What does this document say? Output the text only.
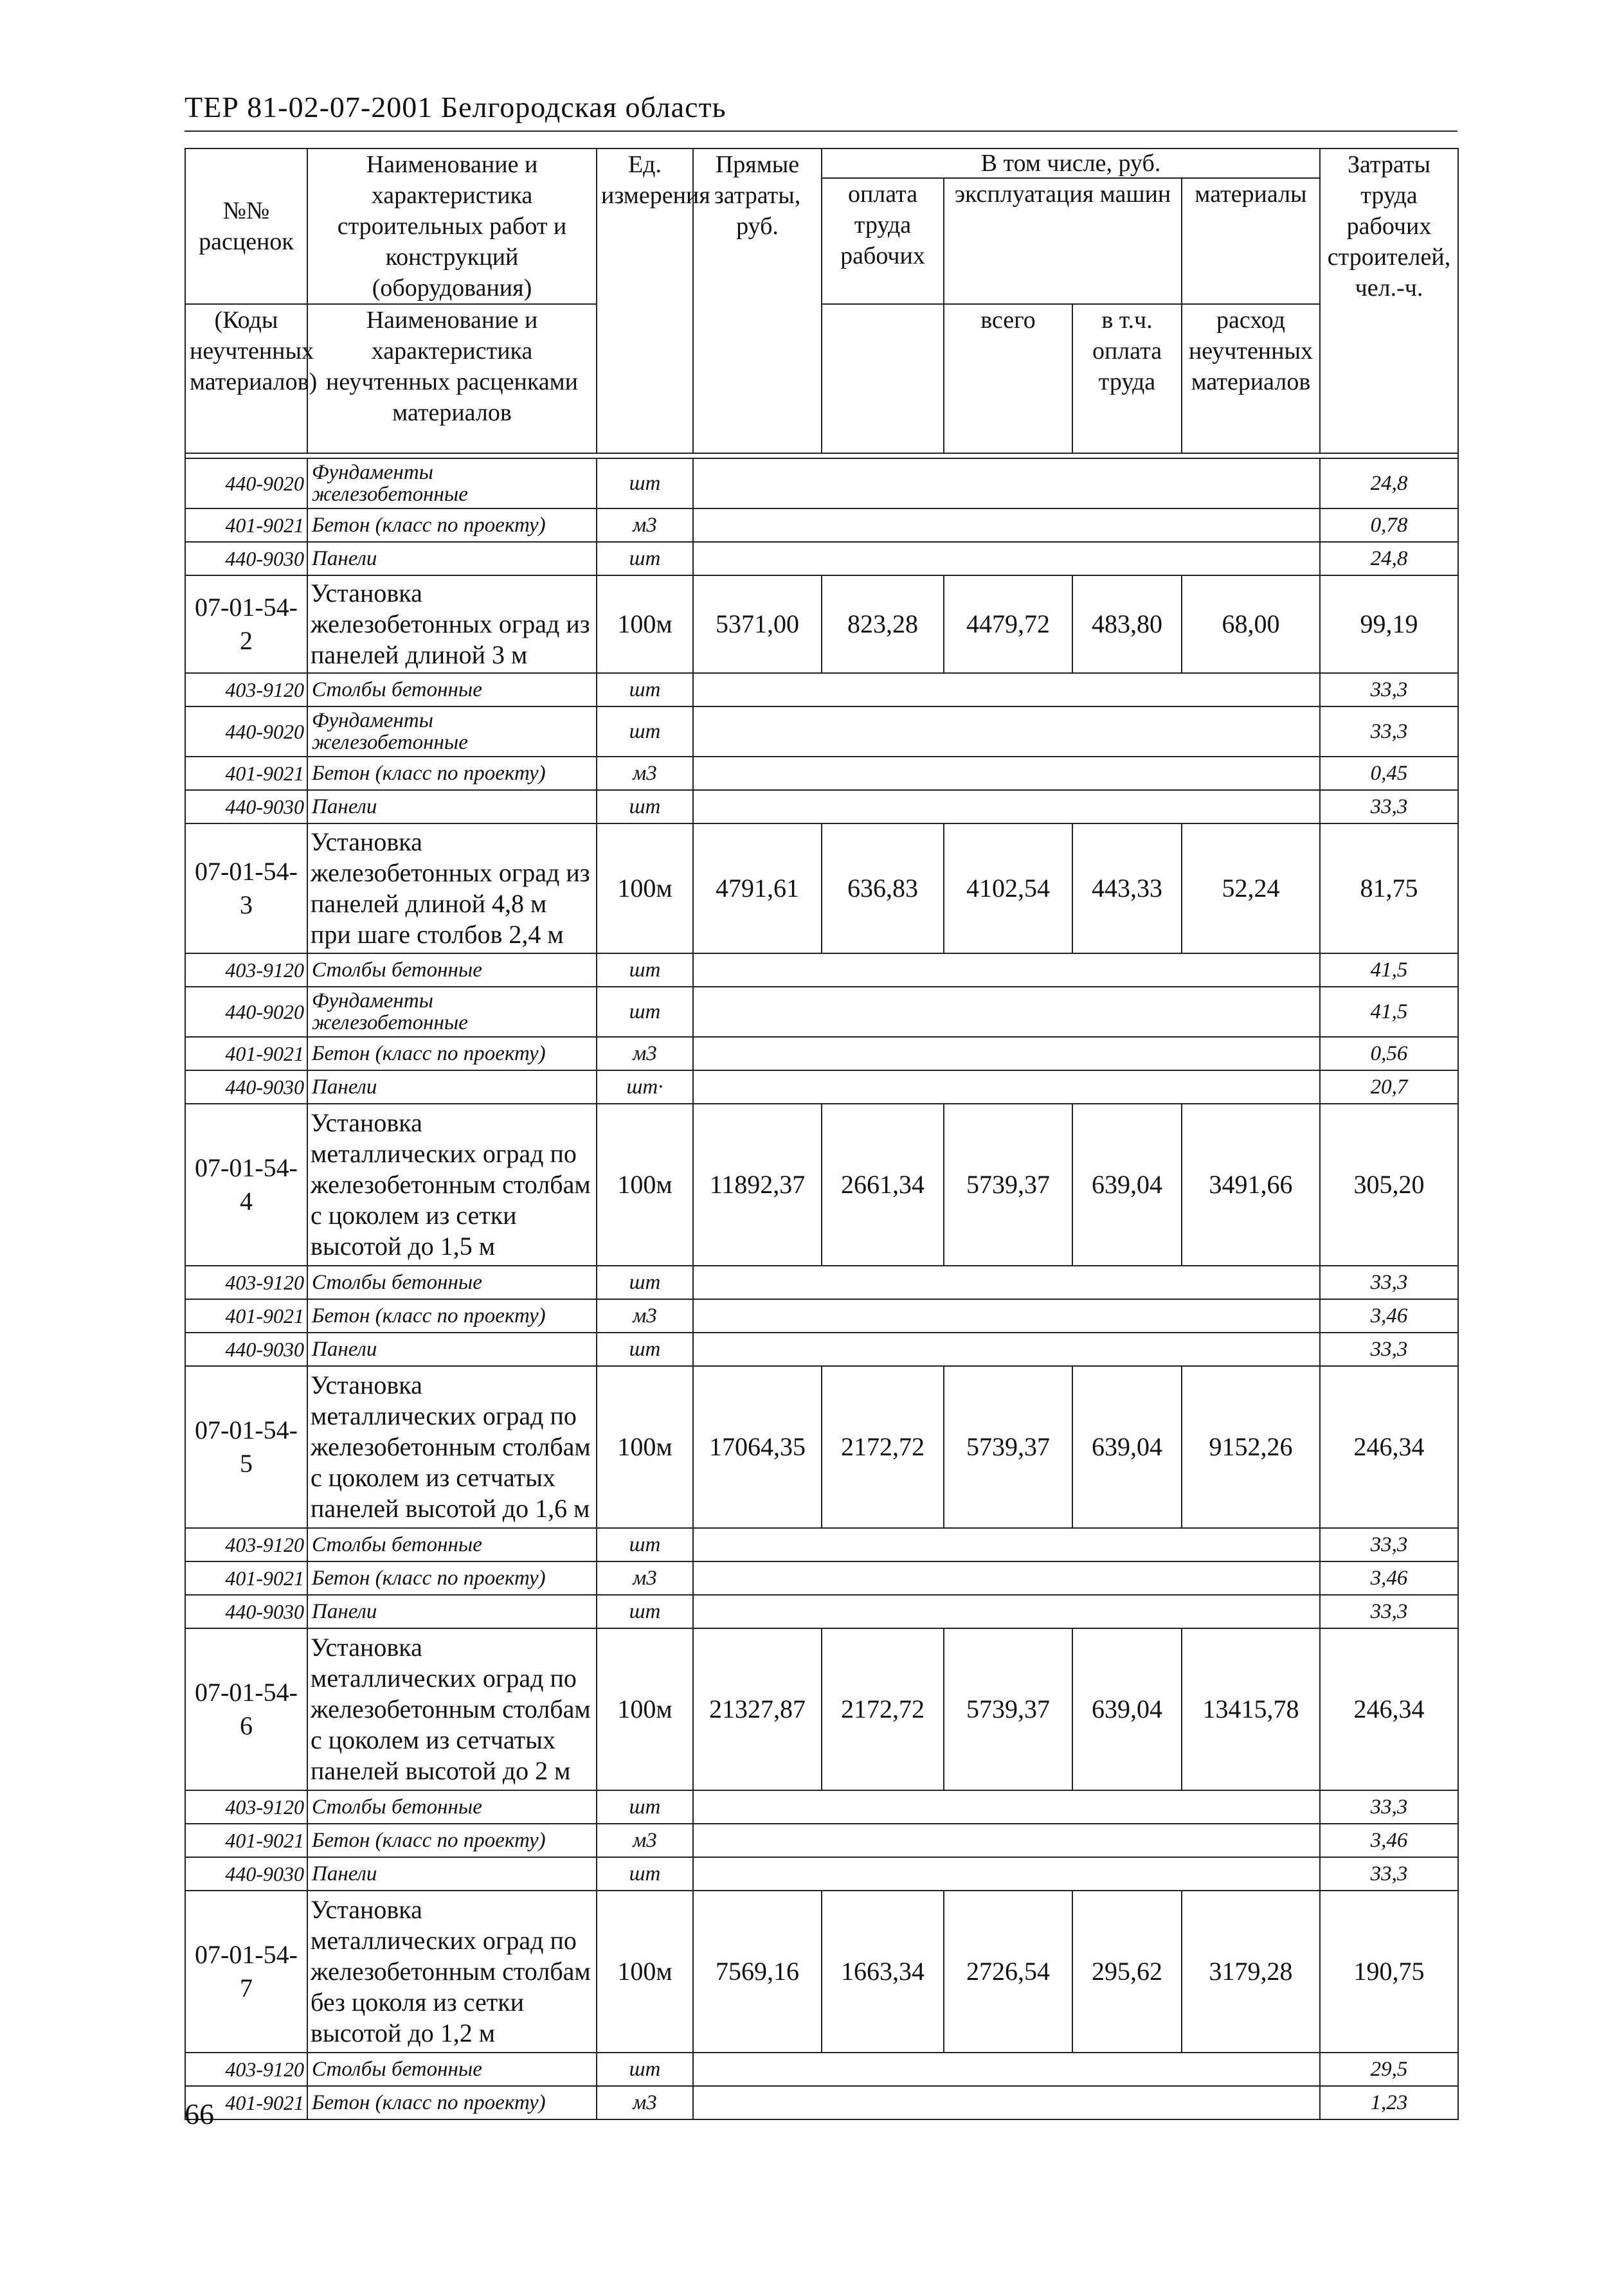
ТЕР 81-02-07-2001 Белгородская область
№№ расценок	Наименование и характеристика строительных работ и конструкций (оборудования)	Ед. измерения	Прямые затраты, руб.	В том числе, руб.				Затраты труда рабочих строителей, чел.-ч.	
				оплата труда рабочих	эксплуатация машин		материалы		

(Коды неучтенных материалов)	Наименование и характеристика неучтенных расценками материалов				всего	в т.ч. оплата труда	расход неучтенных материалов		

440-9020	Фундаменты железобетонные	шт						24,8	
401-9021	Бетон (класс по проекту)	м3						0,78	
440-9030	Панели	шт						24,8	
07-01-54-2	Установка железобетонных оград из панелей длиной 3 м	100м	5371,00	823,28	4479,72	483,80	68,00	99,19	
403-9120	Столбы бетонные	шт						33,3	
440-9020	Фундаменты железобетонные	шт						33,3	
401-9021	Бетон (класс по проекту)	м3						0,45	
440-9030	Панели	шт						33,3	
07-01-54-3	Установка железобетонных оград из панелей длиной 4,8 м при шаге столбов 2,4 м	100м	4791,61	636,83	4102,54	443,33	52,24	81,75	
403-9120	Столбы бетонные	шт						41,5	
440-9020	Фундаменты железобетонные	шт						41,5	
401-9021	Бетон (класс по проекту)	м3						0,56	
440-9030	Панели	шт·						20,7	
07-01-54-4	Установка металлических оград по железобетонным столбам с цоколем из сетки высотой до 1,5 м	100м	11892,37	2661,34	5739,37	639,04	3491,66	305,20	
403-9120	Столбы бетонные	шт						33,3	
401-9021	Бетон (класс по проекту)	м3						3,46	
440-9030	Панели	шт						33,3	
07-01-54-5	Установка металлических оград по железобетонным столбам с цоколем из сетчатых панелей высотой до 1,6 м	100м	17064,35	2172,72	5739,37	639,04	9152,26	246,34	
403-9120	Столбы бетонные	шт						33,3	
401-9021	Бетон (класс по проекту)	м3						3,46	
440-9030	Панели	шт						33,3	
07-01-54-6	Установка металлических оград по железобетонным столбам с цоколем из сетчатых панелей высотой до 2 м	100м	21327,87	2172,72	5739,37	639,04	13415,78	246,34	
403-9120	Столбы бетонные	шт						33,3	
401-9021	Бетон (класс по проекту)	м3						3,46	
440-9030	Панели	шт						33,3	
07-01-54-7	Установка металлических оград по железобетонным столбам без цоколя из сетки высотой до 1,2 м	100м	7569,16	1663,34	2726,54	295,62	3179,28	190,75	
403-9120	Столбы бетонные	шт						29,5	
401-9021	Бетон (класс по проекту)	м3						1,23	
66
